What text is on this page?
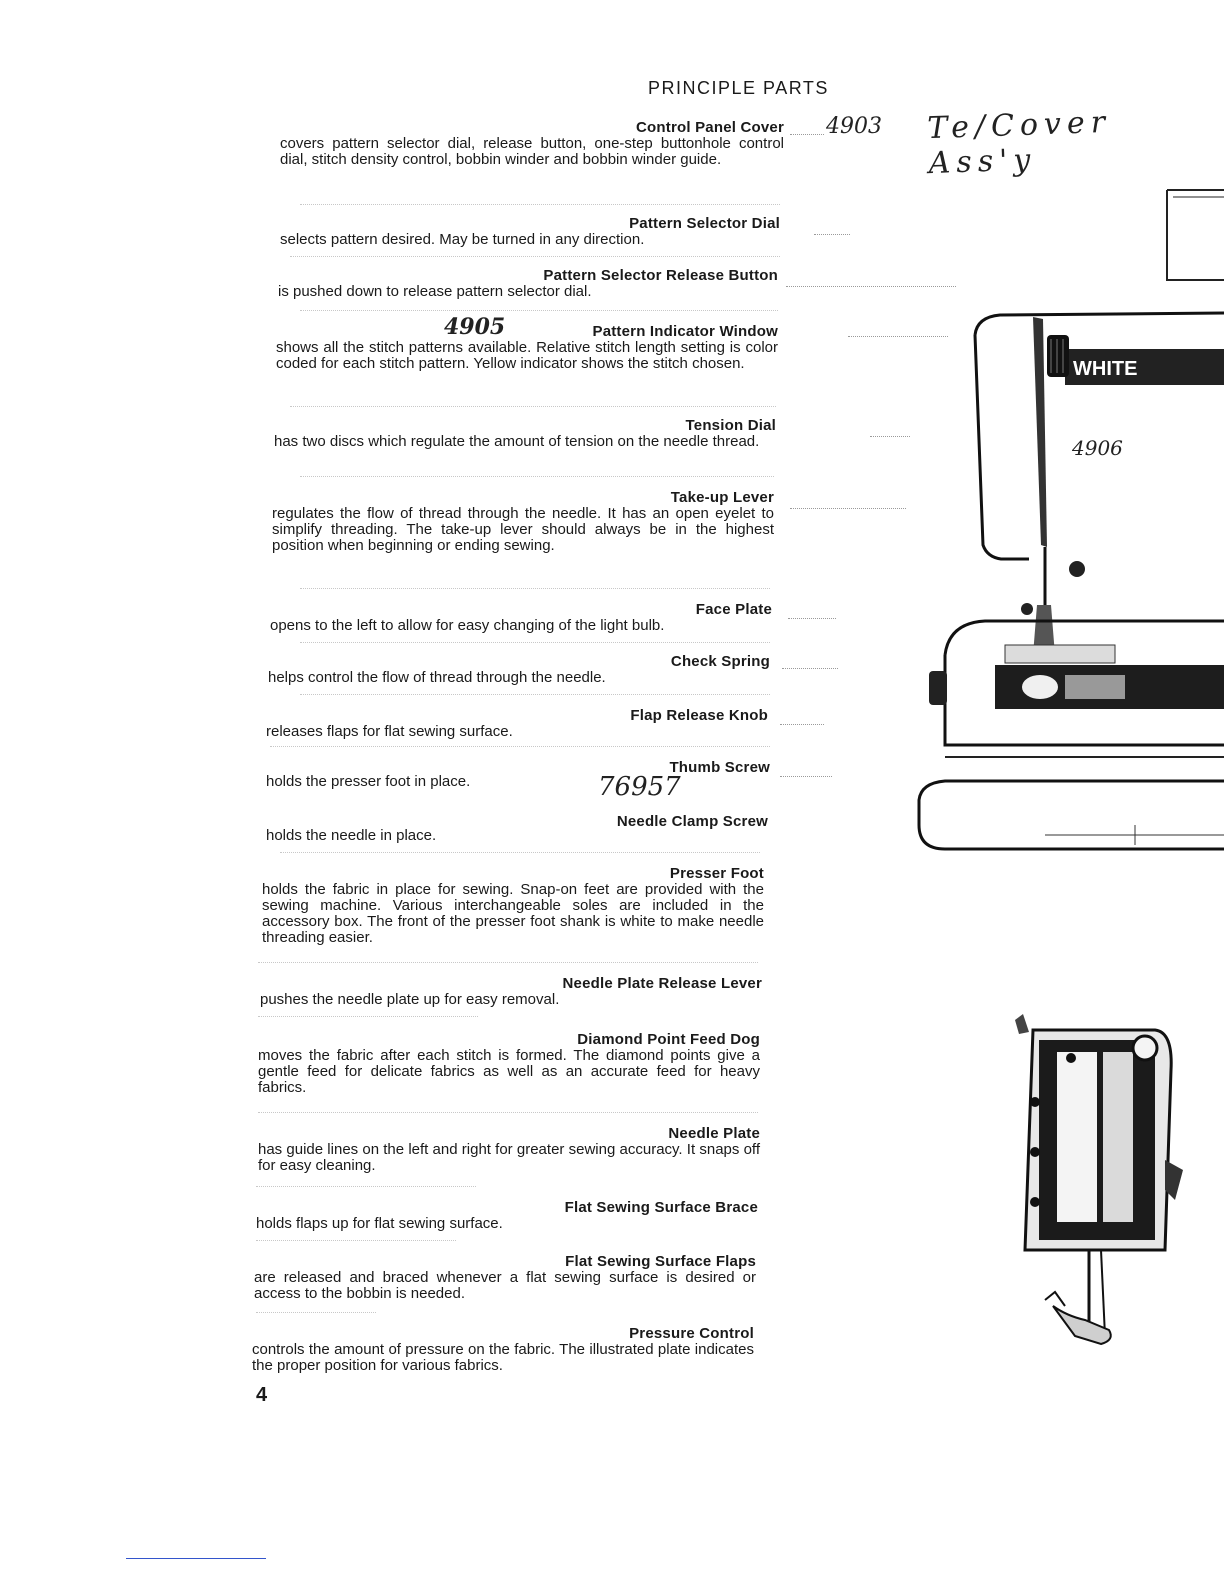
PRINCIPLE PARTS
4903 Te/Cover Ass'y
4905
4906
76957
Control Panel Cover
covers pattern selector dial, release button, one-step buttonhole control dial, stitch density control, bobbin winder and bobbin winder guide.
Pattern Selector Dial
selects pattern desired. May be turned in any direction.
Pattern Selector Release Button
is pushed down to release pattern selector dial.
Pattern Indicator Window
shows all the stitch patterns available. Relative stitch length setting is color coded for each stitch pattern. Yellow indicator shows the stitch chosen.
Tension Dial
has two discs which regulate the amount of tension on the needle thread.
Take-up Lever
regulates the flow of thread through the needle. It has an open eyelet to simplify threading. The take-up lever should always be in the highest position when beginning or ending sewing.
Face Plate
opens to the left to allow for easy changing of the light bulb.
Check Spring
helps control the flow of thread through the needle.
Flap Release Knob
releases flaps for flat sewing surface.
Thumb Screw
holds the presser foot in place.
Needle Clamp Screw
holds the needle in place.
Presser Foot
holds the fabric in place for sewing. Snap-on feet are provided with the sewing machine. Various interchangeable soles are included in the accessory box. The front of the presser foot shank is white to make needle threading easier.
Needle Plate Release Lever
pushes the needle plate up for easy removal.
Diamond Point Feed Dog
moves the fabric after each stitch is formed. The diamond points give a gentle feed for delicate fabrics as well as an accurate feed for heavy fabrics.
Needle Plate
has guide lines on the left and right for greater sewing accuracy. It snaps off for easy cleaning.
Flat Sewing Surface Brace
holds flaps up for flat sewing surface.
Flat Sewing Surface Flaps
are released and braced whenever a flat sewing surface is desired or access to the bobbin is needed.
Pressure Control
controls the amount of pressure on the fabric. The illustrated plate indicates the proper position for various fabrics.
WHITE
4
